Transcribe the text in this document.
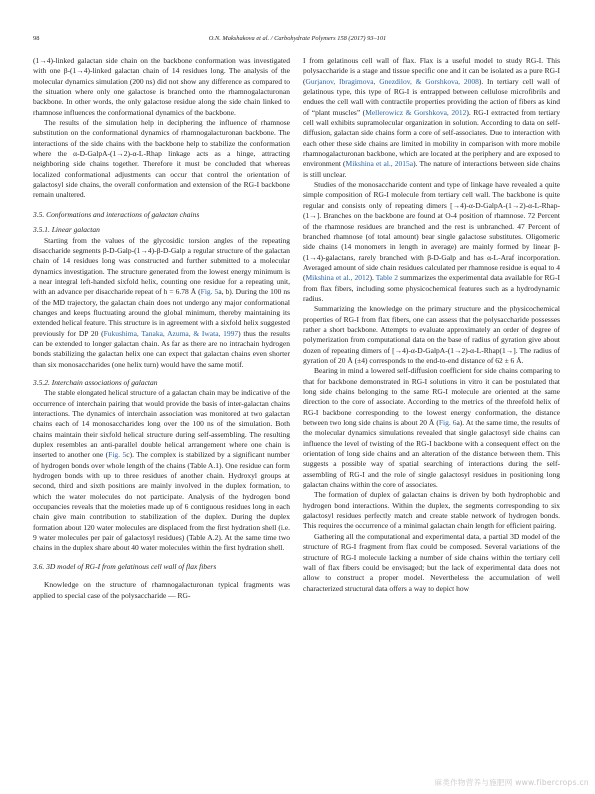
98	O.N. Makshakova et al. / Carbohydrate Polymers 158 (2017) 93–101

(1→4)-linked galactan side chain on the backbone conformation was investigated with one β-(1→4)-linked galactan chain of 14 residues long. The analysis of the molecular dynamics simulation (200 ns) did not show any difference as compared to the situation where only one galactose is branched onto the rhamnogalacturonan backbone. In other words, the only galactose residue along the side chain linked to rhamnose influences the conformational dynamics of the backbone.

The results of the simulation help in deciphering the influence of rhamnose substitution on the conformational dynamics of rhamnogalacturonan backbone. The interactions of the side chains with the backbone help to stabilize the conformation where the α-D-GalpA-(1→2)-α-L-Rhap linkage acts as a hinge, attracting neighboring side chains together. Therefore it must be concluded that whereas localized conformational adjustments can occur that control the orientation of galactosyl side chains, the overall conformation and extension of the RG-I backbone remain unaltered.

3.5. Conformations and interactions of galactan chains
3.5.1. Linear galactan

Starting from the values of the glycosidic torsion angles of the repeating disaccharide segments β-D-Galp-(1→4)-β-D-Galp a regular structure of the galactan chain of 14 residues long was constructed and further submitted to a molecular dynamics investigation. The structure generated from the lowest energy minimum is a near integral left-handed sixfold helix, counting one residue for a repeating unit, with an advance per disaccharide repeat of h = 6.78 Å (Fig. 5a, b). During the 100 ns of the MD trajectory, the galactan chain does not undergo any major conformational changes and keeps fluctuating around the global minimum, thereby maintaining its extended helical feature. This structure is in agreement with a sixfold helix suggested previously for DP 20 (Fukushima, Tanaka, Azuma, & Iwata, 1997) thus the results can be extended to longer galactan chain. As far as there are no intrachain hydrogen bonds stabilizing the galactan helix one can expect that galactan chains even shorter than six monosaccharides (one helix turn) would have the same motif.

3.5.2. Interchain associations of galactan

The stable elongated helical structure of a galactan chain may be indicative of the occurrence of interchain pairing that would provide the basis of inter-galactan chains interactions. The dynamics of interchain association was monitored at two galactan chains each of 14 monosaccharides long over the 100 ns of the simulation. Both chains maintain their sixfold helical structure during self-assembling. The resulting duplex resembles an anti-parallel double helical arrangement where one chain is inserted to another one (Fig. 5c). The complex is stabilized by a significant number of hydrogen bonds over whole length of the chains (Table A.1). One residue can form hydrogen bonds with up to three residues of another chain. Hydroxyl groups at second, third and sixth positions are mainly involved in the duplex formation, to which the water molecules do not participate. Analysis of the hydrogen bond occupancies reveals that the moieties made up of 6 contiguous residues long in each chain give main contribution to stabilization of the duplex. During the duplex formation about 120 water molecules are displaced from the first hydration shell (i.e. 9 water molecules per pair of galactosyl residues) (Table A.2). At the same time two chains in the duplex share about 40 water molecules within the first hydration shell.

3.6. 3D model of RG-I from gelatinous cell wall of flax fibers

Knowledge on the structure of rhamnogalacturonan typical fragments was applied to special case of the polysaccharide — RG-

I from gelatinous cell wall of flax. Flax is a useful model to study RG-I. This polysaccharide is a stage and tissue specific one and it can be isolated as a pure RG-I (Gurjanov, Ibragimova, Gnezdilov, & Gorshkova, 2008). In tertiary cell wall of gelatinous type, this type of RG-I is entrapped between cellulose microfibrils and endues the cell wall with contractile properties providing the action of fibers as kind of “plant muscles” (Mellerowicz & Gorshkova, 2012). RG-I extracted from tertiary cell wall exhibits supramolecular organization in solution. According to data on self-diffusion, galactan side chains form a core of self-associates. Due to interaction with each other these side chains are limited in mobility in comparison with more mobile rhamnogalacturonan backbone, which are located at the periphery and are exposed to environment (Mikshina et al., 2015a). The nature of interactions between side chains is still unclear.

Studies of the monosaccharide content and type of linkage have revealed a quite simple composition of RG-I molecule from tertiary cell wall. The backbone is quite regular and consists only of repeating dimers [→4)-α-D-GalpA-(1→2)-α-L-Rhap-(1→]. Branches on the backbone are found at O-4 position of rhamnose. 72 Percent of the rhamnose residues are branched and the rest is unbranched. 47 Percent of branched rhamnose (of total amount) bear single galactose substitutes. Oligomeric side chains (14 monomers in length in average) are mainly formed by linear β-(1→4)-galactans, rarely branched with β-D-Galp and has α-L-Araf incorporation. Averaged amount of side chain residues calculated per rhamnose residue is equal to 4 (Mikshina et al., 2012). Table 2 summarizes the experimental data available for RG-I from flax fibers, including some physicochemical features such as a hydrodynamic radius.

Summarizing the knowledge on the primary structure and the physicochemical properties of RG-I from flax fibers, one can assess that the polysaccharide possesses rather a short backbone. Attempts to evaluate approximately an order of degree of polymerization from computational data on the base of radius of gyration give about dozen of repeating dimers of [→4)-α-D-GalpA-(1→2)-α-L-Rhap(1→]. The radius of gyration of 20 Å (±4) corresponds to the end-to-end distance of 62 ± 6 Å.

Bearing in mind a lowered self-diffusion coefficient for side chains comparing to that for backbone demonstrated in RG-I solutions in vitro it can be postulated that long side chains belonging to the same RG-I molecule are oriented at the same direction to the core of associate. According to the metrics of the threefold helix of RG-I backbone corresponding to the lowest energy conformation, the distance between two long side chains is about 20 Å (Fig. 6a). At the same time, the results of the molecular dynamics simulations revealed that single galactosyl side chains can influence the level of twisting of the RG-I backbone with a consequent effect on the orientation of long side chains and an alteration of the distance between them. This suggests a possible way of spatial searching of interactions during the self-assembling of RG-I and the role of single galactosyl residues in positioning long galactan chains within the core of associates.

The formation of duplex of galactan chains is driven by both hydrophobic and hydrogen bond interactions. Within the duplex, the segments corresponding to six galactosyl residues perfectly match and create stable network of hydrogen bonds. This requires the occurrence of a minimal galactan chain length for efficient pairing.

Gathering all the computational and experimental data, a partial 3D model of the structure of RG-I fragment from flax could be composed. Several variations of the structure of RG-I molecule lacking a number of side chains within the tertiary cell wall of flax fibers could be envisaged; but the lack of experimental data does not allow to construct a proper model. Nevertheless the accumulation of well characterized structural data offers a way to depict how

麻类作物营养与施肥网 www.fibercrops.cn
